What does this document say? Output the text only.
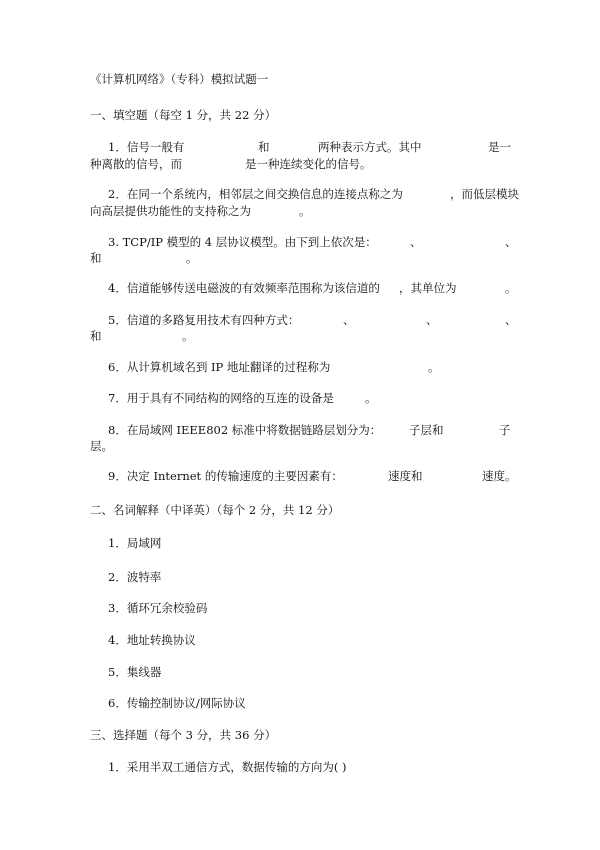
《计算机网络》（专科）模拟试题一
一、填空题（每空 1 分，共 22 分）
1．信号一般有	和	两种表示方式。其中	是一
种离散的信号，而	是一种连续变化的信号。
2．在同一个系统内，相邻层之间交换信息的连接点称之为	，而低层模块
向高层提供功能性的支持称之为	。
3. TCP/IP 模型的 4 层协议模型。由下到上依次是：	、	、
和	。
4．信道能够传送电磁波的有效频率范围称为该信道的 ，其单位为	。
5．信道的多路复用技术有四种方式：	、	、	、
和	。
6．从计算机域名到 IP 地址翻译的过程称为	。
7．用于具有不同结构的网络的互连的设备是	。
8．在局域网 IEEE802 标准中将数据链路层划分为： 子层和	子
层。
9．决定 Internet 的传输速度的主要因素有：	速度和	速度。
二、名词解释（中译英）（每个 2 分，共 12 分）
1．局域网
2．波特率
3．循环冗余校验码
4．地址转换协议
5．集线器
6．传输控制协议/网际协议
三、选择题（每个 3 分，共 36 分）
1．采用半双工通信方式，数据传输的方向为( )
